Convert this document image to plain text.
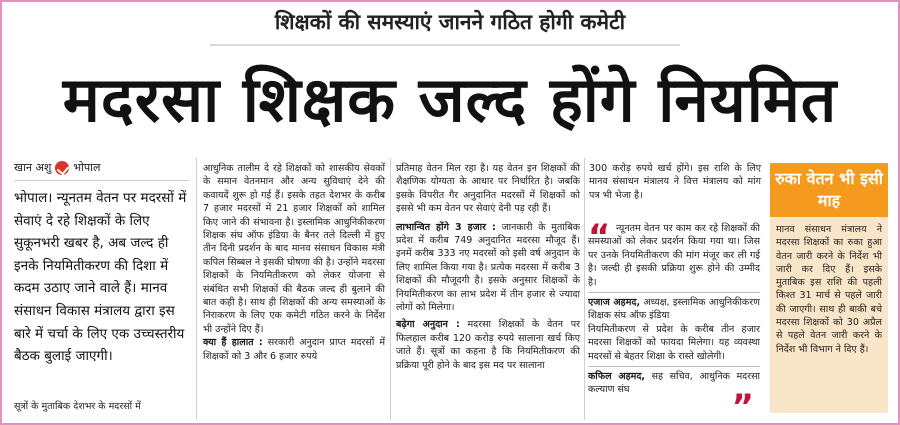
शिक्षकों की समस्याएं जानने गठित होगी कमेटी
मदरसा शिक्षक जल्द होंगे नियमित
खान अशु भोपाल
भोपाल। न्यूनतम वेतन पर मदरसों में सेवाएं दे रहे शिक्षकों के लिए सुकूनभरी खबर है, अब जल्द ही इनके नियमितीकरण की दिशा में कदम उठाए जाने वाले हैं। मानव संसाधन विकास मंत्रालय द्वारा इस बारे में चर्चा के लिए एक उच्चस्तरीय बैठक बुलाई जाएगी।
सूत्रों के मुताबिक देशभर के मदरसों में

आधुनिक तालीम दे रहे शिक्षकों को शासकीय सेवकों के समान वेतनमान और अन्य सुविधाएं देने की कवायदें शुरू हो गई हैं। इसके तहत देशभर के करीब 7 हजार मदरसों में 21 हजार शिक्षकों को शामिल किए जाने की संभावना है। इस्लामिक आधुनिकीकरण शिक्षक संघ ऑफ इंडिया के बैनर तले दिल्ली में हुए तीन दिनी प्रदर्शन के बाद मानव संसाधन विकास मंत्री कपिल सिब्बल ने इसकी घोषणा की है। उन्होंने मदरसा शिक्षकों के नियमितीकरण को लेकर योजना से संबंधित सभी शिक्षकों की बैठक जल्द ही बुलाने की बात कही है। साथ ही शिक्षकों की अन्य समस्याओं के निराकरण के लिए एक कमेटी गठित करने के निर्देश भी उन्होंने दिए हैं।

क्या हैं हालात : सरकारी अनुदान प्राप्त मदरसों में शिक्षकों को 3 और 6 हजार रुपये

प्रतिमाह वेतन मिल रहा है। यह वेतन इन शिक्षकों की शैक्षणिक योग्यता के आधार पर निर्धारित है। जबकि इसके विपरीत गैर अनुदानित मदरसों में शिक्षकों को इससे भी कम वेतन पर सेवाएं देनी पड़ रही हैं।

लाभान्वित होंगे 3 हजार : जानकारी के मुताबिक प्रदेश में करीब 749 अनुदानित मदरसा मौजूद हैं। इनमें करीब 333 नए मदरसों को इसी वर्ष अनुदान के लिए शामिल किया गया है। प्रत्येक मदरसा में करीब 3 शिक्षकों की मौजूदगी है। इसके अनुसार शिक्षकों के नियमितीकरण का लाभ प्रदेश में तीन हजार से ज्यादा लोगों को मिलेगा।

बढ़ेगा अनुदान : मदरसा शिक्षकों के वेतन पर फिलहाल करीब 120 करोड़ रुपये सालाना खर्च किए जाते हैं। सूत्रों का कहना है कि नियमितीकरण की प्रक्रिया पूरी होने के बाद इस मद पर सालाना

300 करोड़ रुपये खर्च होंगे। इस राशि के लिए मानव संसाधन मंत्रालय ने वित्त मंत्रालय को मांग पत्र भी भेजा है।

“ न्यूनतम वेतन पर काम कर रहे शिक्षकों की समस्याओं को लेकर प्रदर्शन किया गया था। जिस पर उनके नियमितीकरण की मांग मंजूर कर ली गई है। जल्दी ही इसकी प्रक्रिया शुरू होने की उम्मीद है।

एजाज अहमद, अध्यक्ष, इस्लामिक आधुनिकीकरण शिक्षक संघ ऑफ इंडिया

नियमितीकरण से प्रदेश के करीब तीन हजार मदरसा शिक्षकों को फायदा मिलेगा। यह व्यवस्था मदरसों से बेहतर शिक्षा के रास्ते खोलेगी।

कफिल अहमद, सह सचिव, आधुनिक मदरसा कल्याण संघ	”
रुका वेतन भी इसी माह
मानव संसाधन मंत्रालय ने मदरसा शिक्षकों का रुका हुआ वेतन जारी करने के निर्देश भी जारी कर दिए हैं। इसके मुताबिक इस राशि की पहली किश्त 31 मार्च से पहले जारी की जाएगी। साथ ही बाकी बचे मदरसा शिक्षकों को 30 अप्रैल से पहले वेतन जारी करने के निर्देश भी विभाग ने दिए हैं।
